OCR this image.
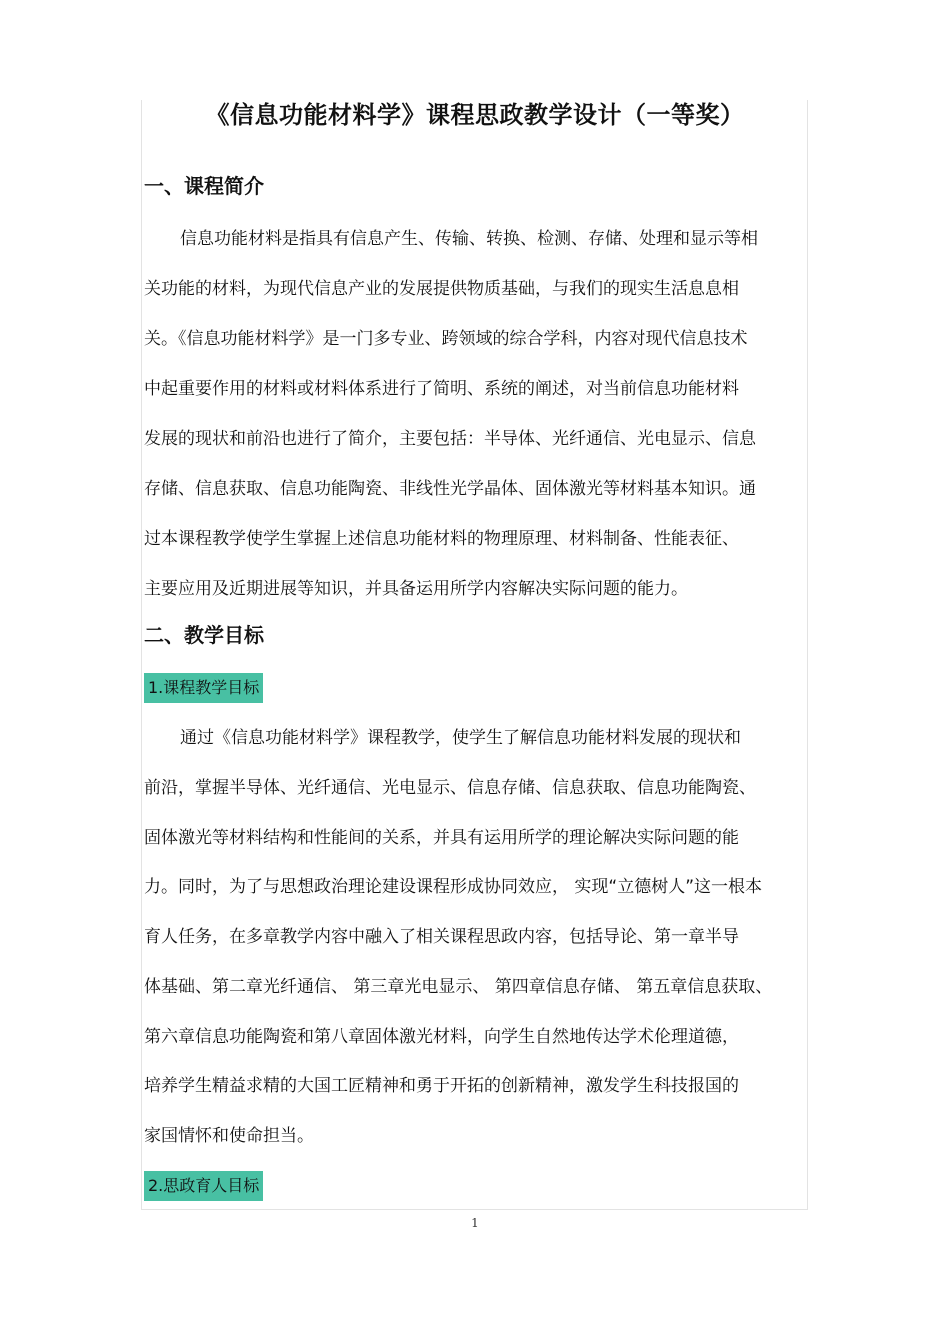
《信息功能材料学》课程思政教学设计（一等奖）
一、课程简介
信息功能材料是指具有信息产生、传输、转换、检测、存储、处理和显示等相
关功能的材料，为现代信息产业的发展提供物质基础，与我们的现实生活息息相
关。《信息功能材料学》是一门多专业、跨领域的综合学科，内容对现代信息技术
中起重要作用的材料或材料体系进行了简明、系统的阐述，对当前信息功能材料
发展的现状和前沿也进行了简介，主要包括：半导体、光纤通信、光电显示、信息
存储、信息获取、信息功能陶瓷、非线性光学晶体、固体激光等材料基本知识。通
过本课程教学使学生掌握上述信息功能材料的物理原理、材料制备、性能表征、
主要应用及近期进展等知识，并具备运用所学内容解决实际问题的能力。
二、教学目标
1.课程教学目标
通过《信息功能材料学》课程教学，使学生了解信息功能材料发展的现状和
前沿，掌握半导体、光纤通信、光电显示、信息存储、信息获取、信息功能陶瓷、
固体激光等材料结构和性能间的关系，并具有运用所学的理论解决实际问题的能
力。同时，为了与思想政治理论建设课程形成协同效应， 实现“立德树人”这一根本
育人任务，在多章教学内容中融入了相关课程思政内容，包括导论、第一章半导
体基础、第二章光纤通信、 第三章光电显示、 第四章信息存储、 第五章信息获取、
第六章信息功能陶瓷和第八章固体激光材料，向学生自然地传达学术伦理道德，
培养学生精益求精的大国工匠精神和勇于开拓的创新精神，激发学生科技报国的
家国情怀和使命担当。
2.思政育人目标
1
